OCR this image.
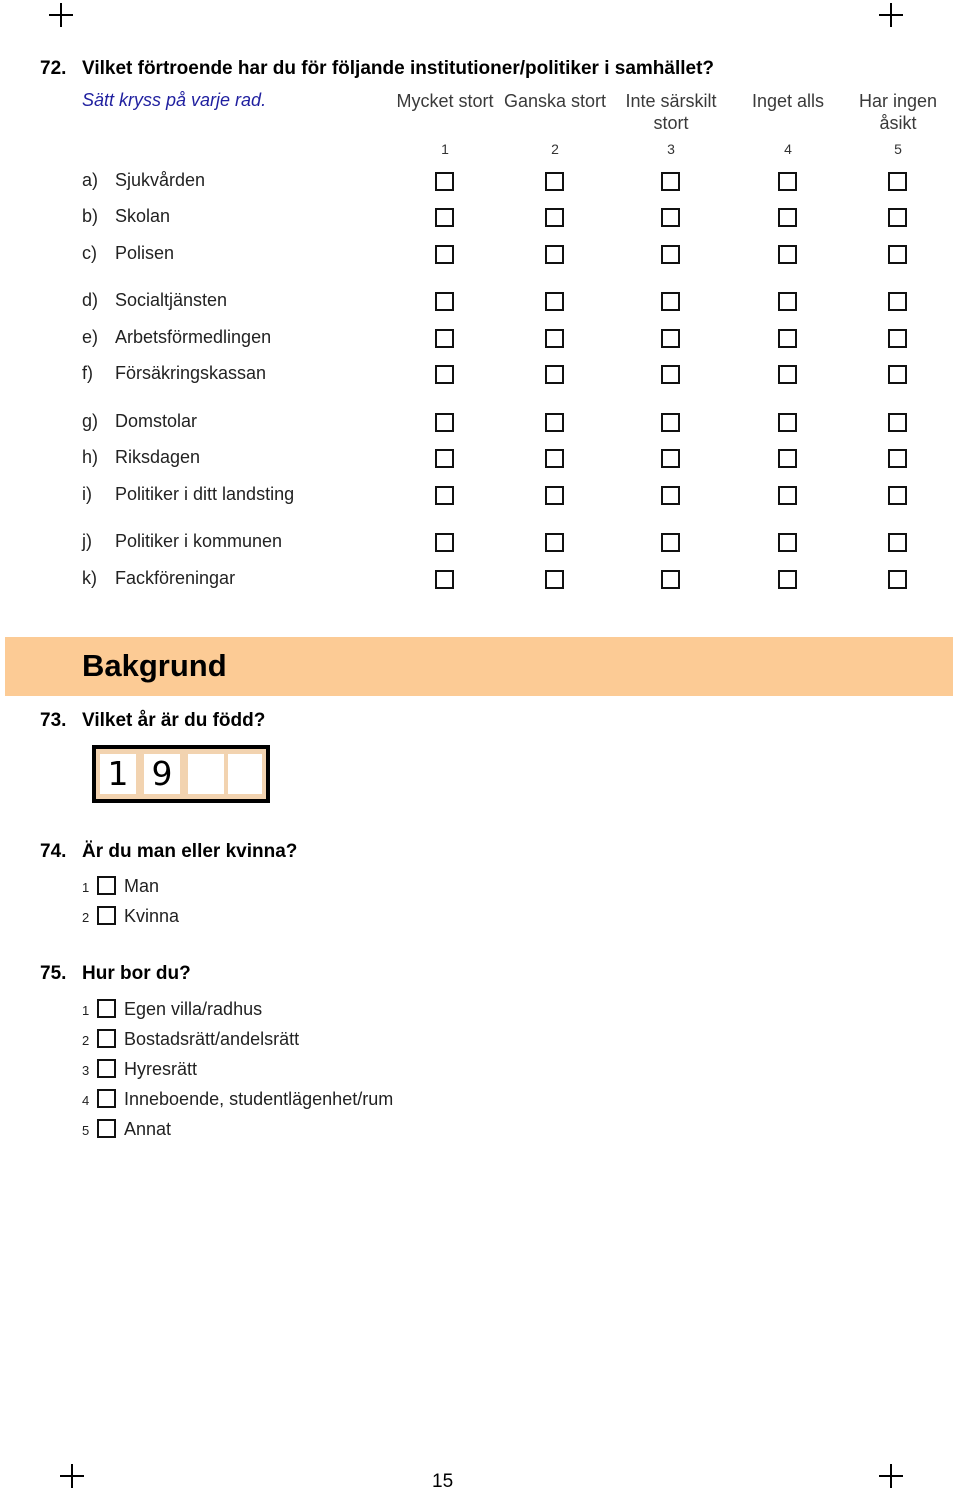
72. Vilket förtroende har du för följande institutioner/politiker i samhället?
Sätt kryss på varje rad.	Mycket stort
1
Ganska stort
2
Inte särskilt stort
3
Inget alls
4
Har ingen åsikt
5
a) Sjukvården
b) Skolan
c) Polisen
d) Socialtjänsten
e) Arbetsförmedlingen
f) Försäkringskassan
g) Domstolar
h) Riksdagen
i) Politiker i ditt landsting
j) Politiker i kommunen
k) Fackföreningar
Bakgrund
73. Vilket år är du född?
1 9
74. Är du man eller kvinna?
1 Man
2 Kvinna
75. Hur bor du?
1 Egen villa/radhus
2 Bostadsrätt/andelsrätt
3 Hyresrätt
4 Inneboende, studentlägenhet/rum
5 Annat
15
